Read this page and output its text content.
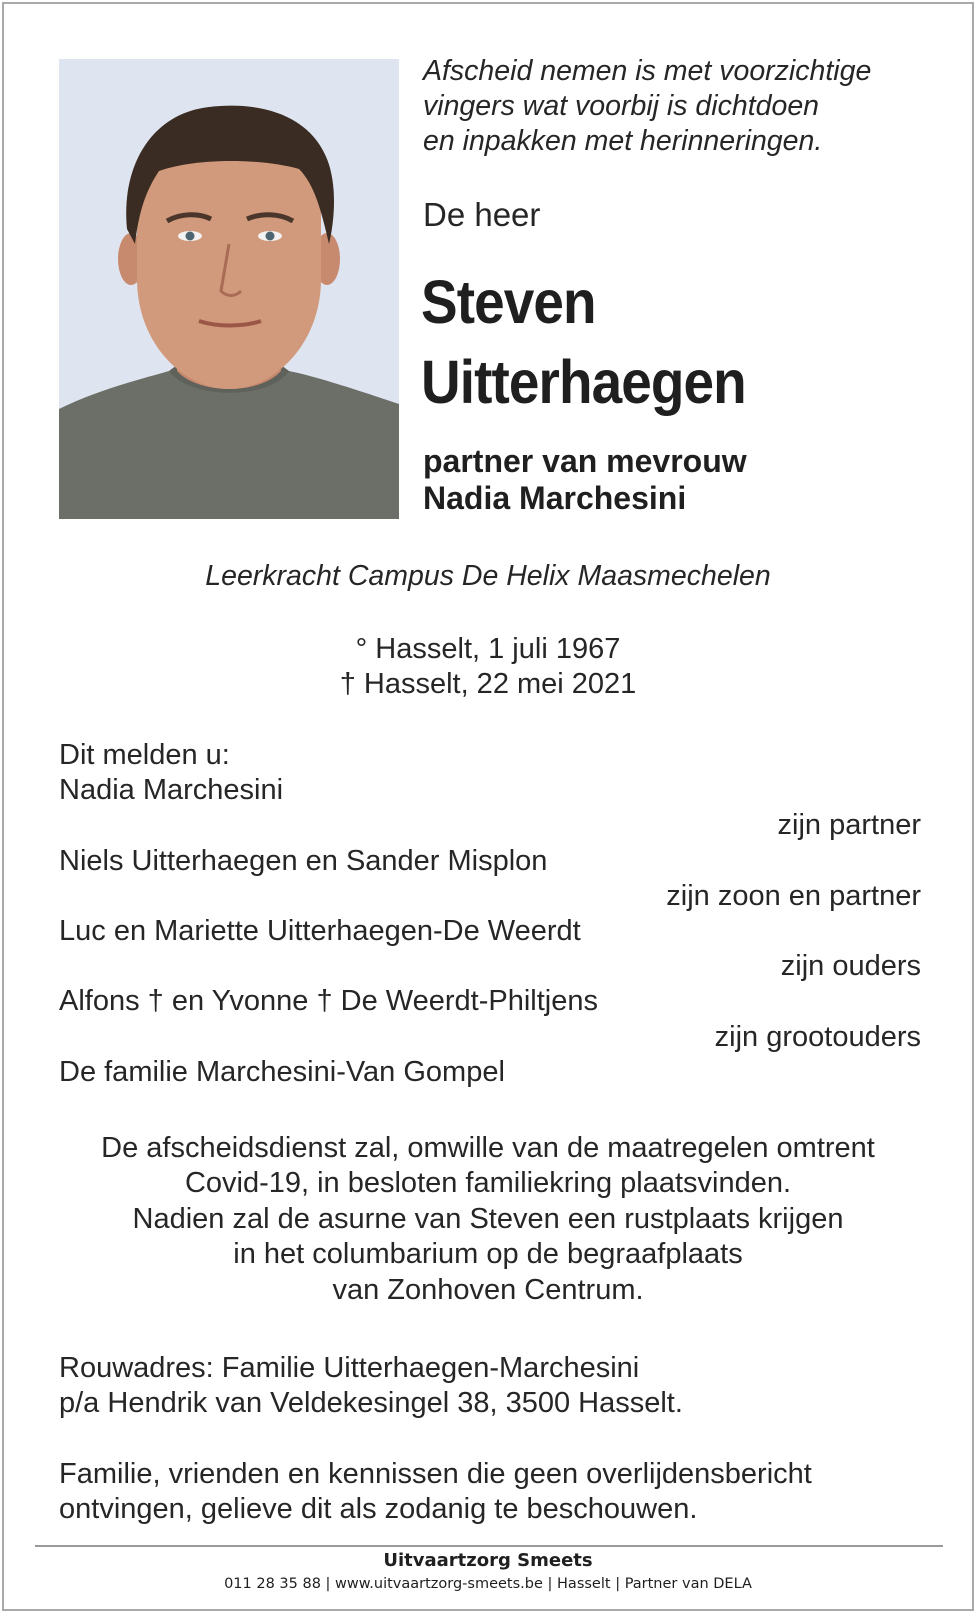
Afscheid nemen is met voorzichtige
vingers wat voorbij is dichtdoen
en inpakken met herinneringen.
De heer
Steven
Uitterhaegen
partner van mevrouw
Nadia Marchesini
Leerkracht Campus De Helix Maasmechelen
° Hasselt, 1 juli 1967
† Hasselt, 22 mei 2021
Dit melden u:
Nadia Marchesini
zijn partner
Niels Uitterhaegen en Sander Misplon
zijn zoon en partner
Luc en Mariette Uitterhaegen-De Weerdt
zijn ouders
Alfons † en Yvonne † De Weerdt-Philtjens
zijn grootouders
De familie Marchesini-Van Gompel
De afscheidsdienst zal, omwille van de maatregelen omtrent
Covid-19, in besloten familiekring plaatsvinden.
Nadien zal de asurne van Steven een rustplaats krijgen
in het columbarium op de begraafplaats
van Zonhoven Centrum.
Rouwadres: Familie Uitterhaegen-Marchesini
p/a Hendrik van Veldekesingel 38, 3500 Hasselt.
Familie, vrienden en kennissen die geen overlijdensbericht
ontvingen, gelieve dit als zodanig te beschouwen.
Uitvaartzorg Smeets
011 28 35 88 | www.uitvaartzorg-smeets.be | Hasselt | Partner van DELA
